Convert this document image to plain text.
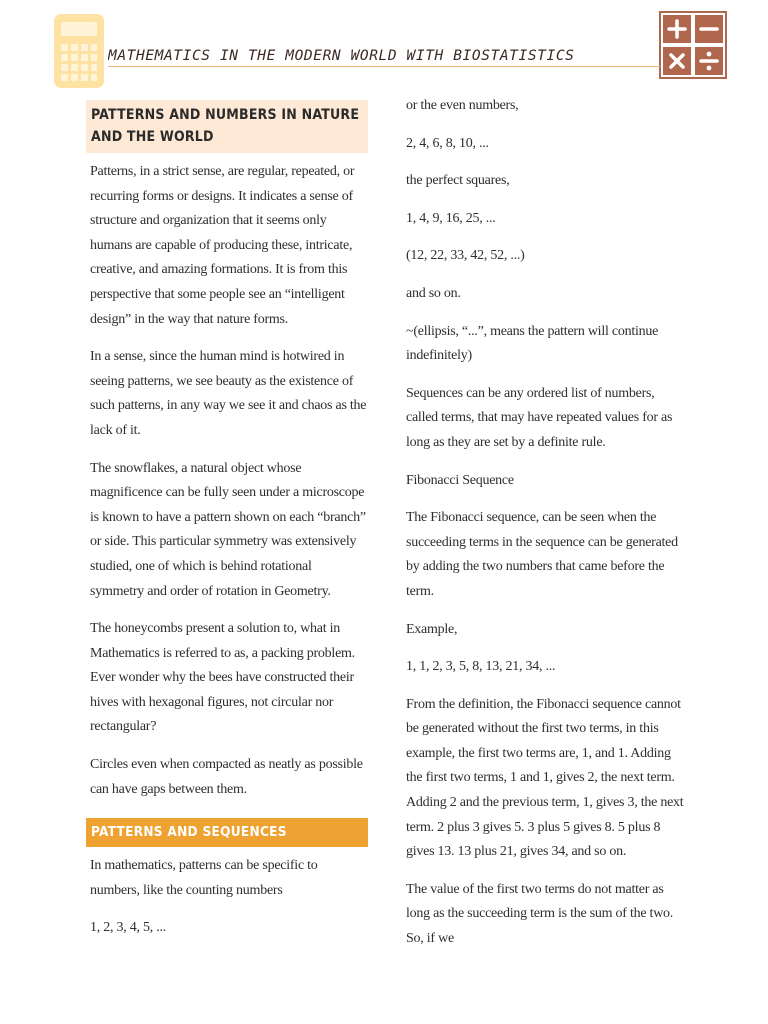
MATHEMATICS IN THE MODERN WORLD WITH BIOSTATISTICS
PATTERNS AND NUMBERS IN NATURE AND THE WORLD

Patterns, in a strict sense, are regular, repeated, or recurring forms or designs. It indicates a sense of structure and organization that it seems only humans are capable of producing these, intricate, creative, and amazing formations. It is from this perspective that some people see an “intelligent design” in the way that nature forms.

In a sense, since the human mind is hotwired in seeing patterns, we see beauty as the existence of such patterns, in any way we see it and chaos as the lack of it.

The snowflakes, a natural object whose magnificence can be fully seen under a microscope is known to have a pattern shown on each “branch” or side. This particular symmetry was extensively studied, one of which is behind rotational symmetry and order of rotation in Geometry.

The honeycombs present a solution to, what in Mathematics is referred to as, a packing problem. Ever wonder why the bees have constructed their hives with hexagonal figures, not circular nor rectangular?

Circles even when compacted as neatly as possible can have gaps between them.

PATTERNS AND SEQUENCES

In mathematics, patterns can be specific to numbers, like the counting numbers

1, 2, 3, 4, 5, ...

or the even numbers,

2, 4, 6, 8, 10, ...

the perfect squares,

1, 4, 9, 16, 25, ...

(12, 22, 33, 42, 52, ...)

and so on.

~(ellipsis, “...”, means the pattern will continue indefinitely)

Sequences can be any ordered list of numbers, called terms, that may have repeated values for as long as they are set by a definite rule.

Fibonacci Sequence

The Fibonacci sequence, can be seen when the succeeding terms in the sequence can be generated by adding the two numbers that came before the term.

Example,

1, 1, 2, 3, 5, 8, 13, 21, 34, ...

From the definition, the Fibonacci sequence cannot be generated without the first two terms, in this example, the first two terms are, 1, and 1. Adding the first two terms, 1 and 1, gives 2, the next term. Adding 2 and the previous term, 1, gives 3, the next term. 2 plus 3 gives 5. 3 plus 5 gives 8. 5 plus 8 gives 13. 13 plus 21, gives 34, and so on.

The value of the first two terms do not matter as long as the succeeding term is the sum of the two. So, if we
